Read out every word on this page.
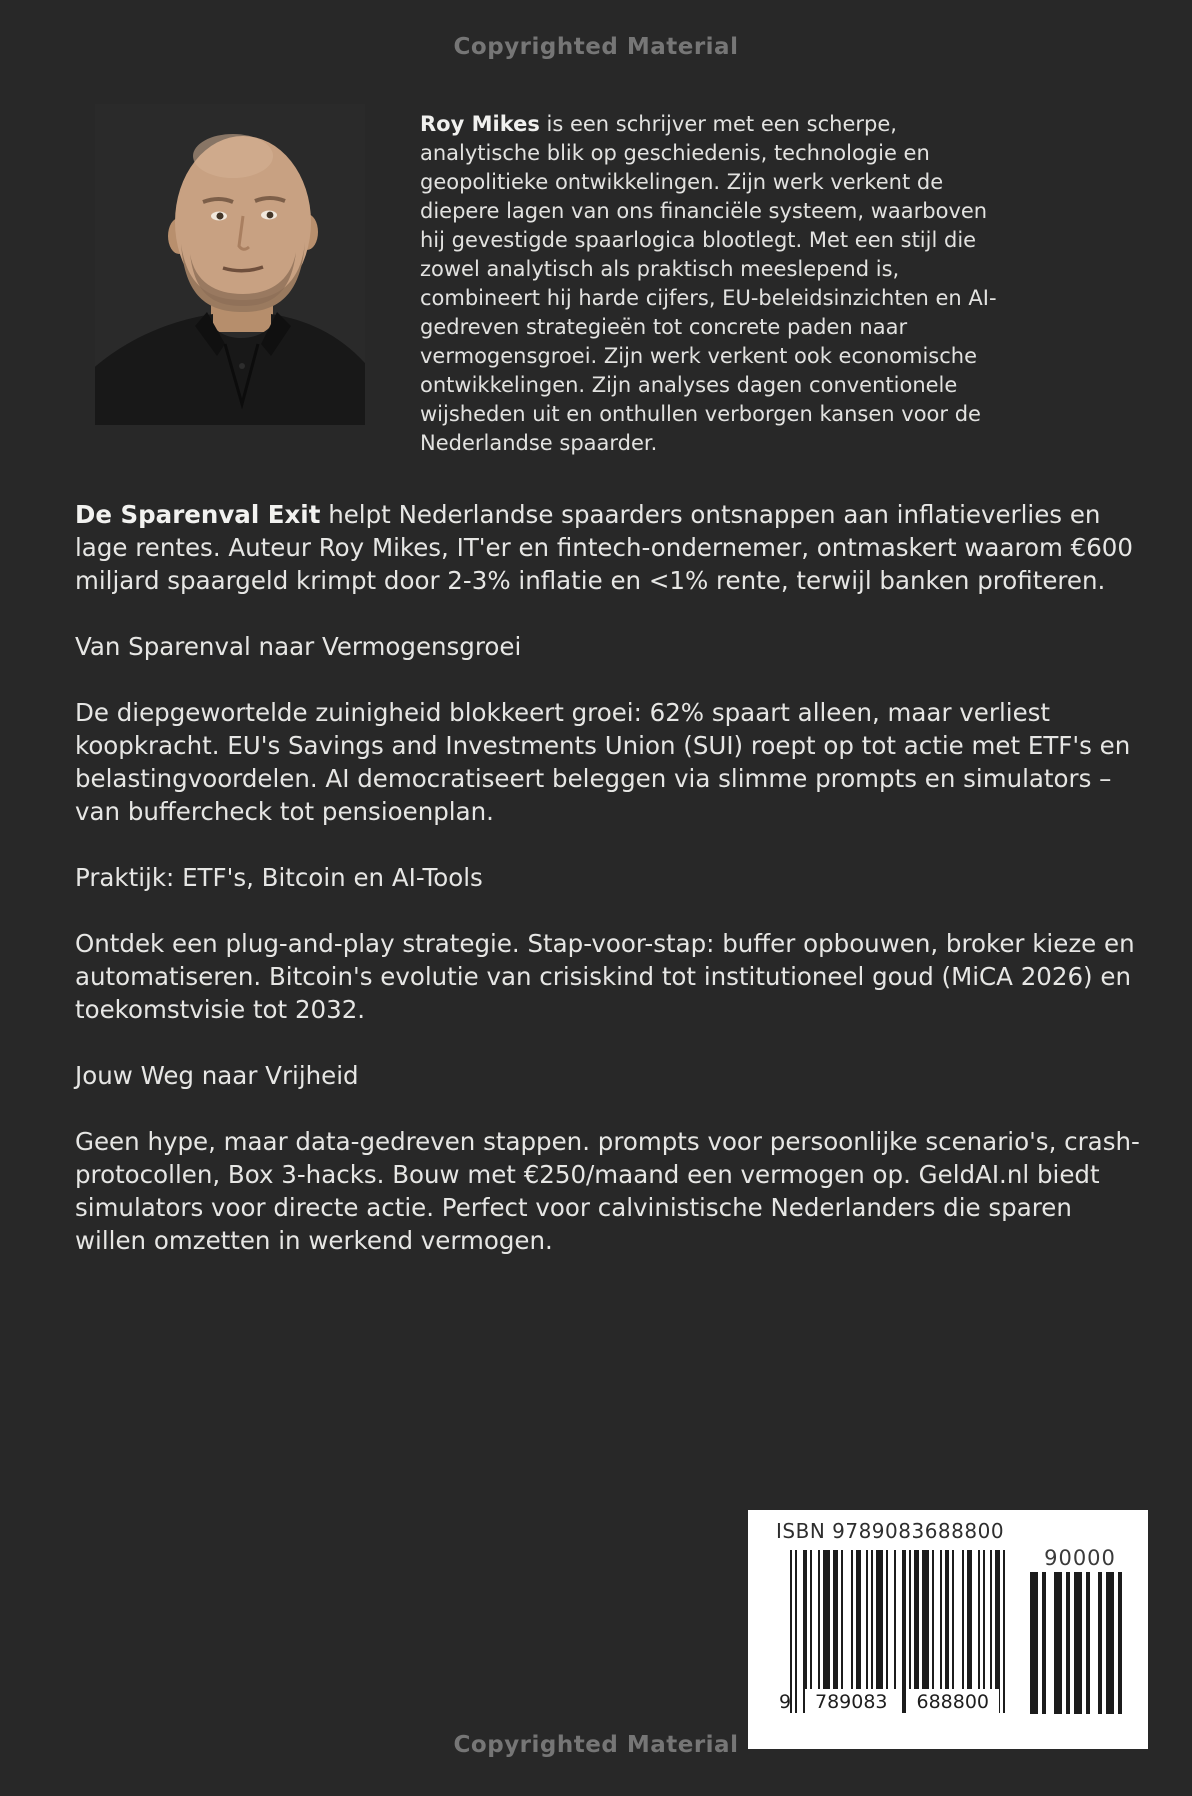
Copyrighted Material
Roy Mikes is een schrijver met een scherpe, analytische blik op geschiedenis, technologie en geopolitieke ontwikkelingen. Zijn werk verkent de diepere lagen van ons financiële systeem, waarboven hij gevestigde spaarlogica blootlegt. Met een stijl die zowel analytisch als praktisch meeslepend is, combineert hij harde cijfers, EU-beleidsinzichten en AI-gedreven strategieën tot concrete paden naar vermogensgroei. Zijn werk verkent ook economische ontwikkelingen. Zijn analyses dagen conventionele wijsheden uit en onthullen verborgen kansen voor de Nederlandse spaarder.

De Sparenval Exit helpt Nederlandse spaarders ontsnappen aan inflatieverlies en lage rentes. Auteur Roy Mikes, IT'er en fintech-ondernemer, ontmaskert waarom €600 miljard spaargeld krimpt door 2-3% inflatie en <1% rente, terwijl banken profiteren.

Van Sparenval naar Vermogensgroei

De diepgewortelde zuinigheid blokkeert groei: 62% spaart alleen, maar verliest koopkracht. EU's Savings and Investments Union (SUI) roept op tot actie met ETF's en belastingvoordelen. AI democratiseert beleggen via slimme prompts en simulators – van buffercheck tot pensioenplan.

Praktijk: ETF's, Bitcoin en AI-Tools

Ontdek een plug-and-play strategie. Stap-voor-stap: buffer opbouwen, broker kieze en automatiseren. Bitcoin's evolutie van crisiskind tot institutioneel goud (MiCA 2026) en toekomstvisie tot 2032.

Jouw Weg naar Vrijheid

Geen hype, maar data-gedreven stappen. prompts voor persoonlijke scenario's, crash-protocollen, Box 3-hacks. Bouw met €250/maand een vermogen op. GeldAI.nl biedt simulators voor directe actie. Perfect voor calvinistische Nederlanders die sparen willen omzetten in werkend vermogen.

ISBN 9789083688800
9	789083	688800
90000
Copyrighted Material
